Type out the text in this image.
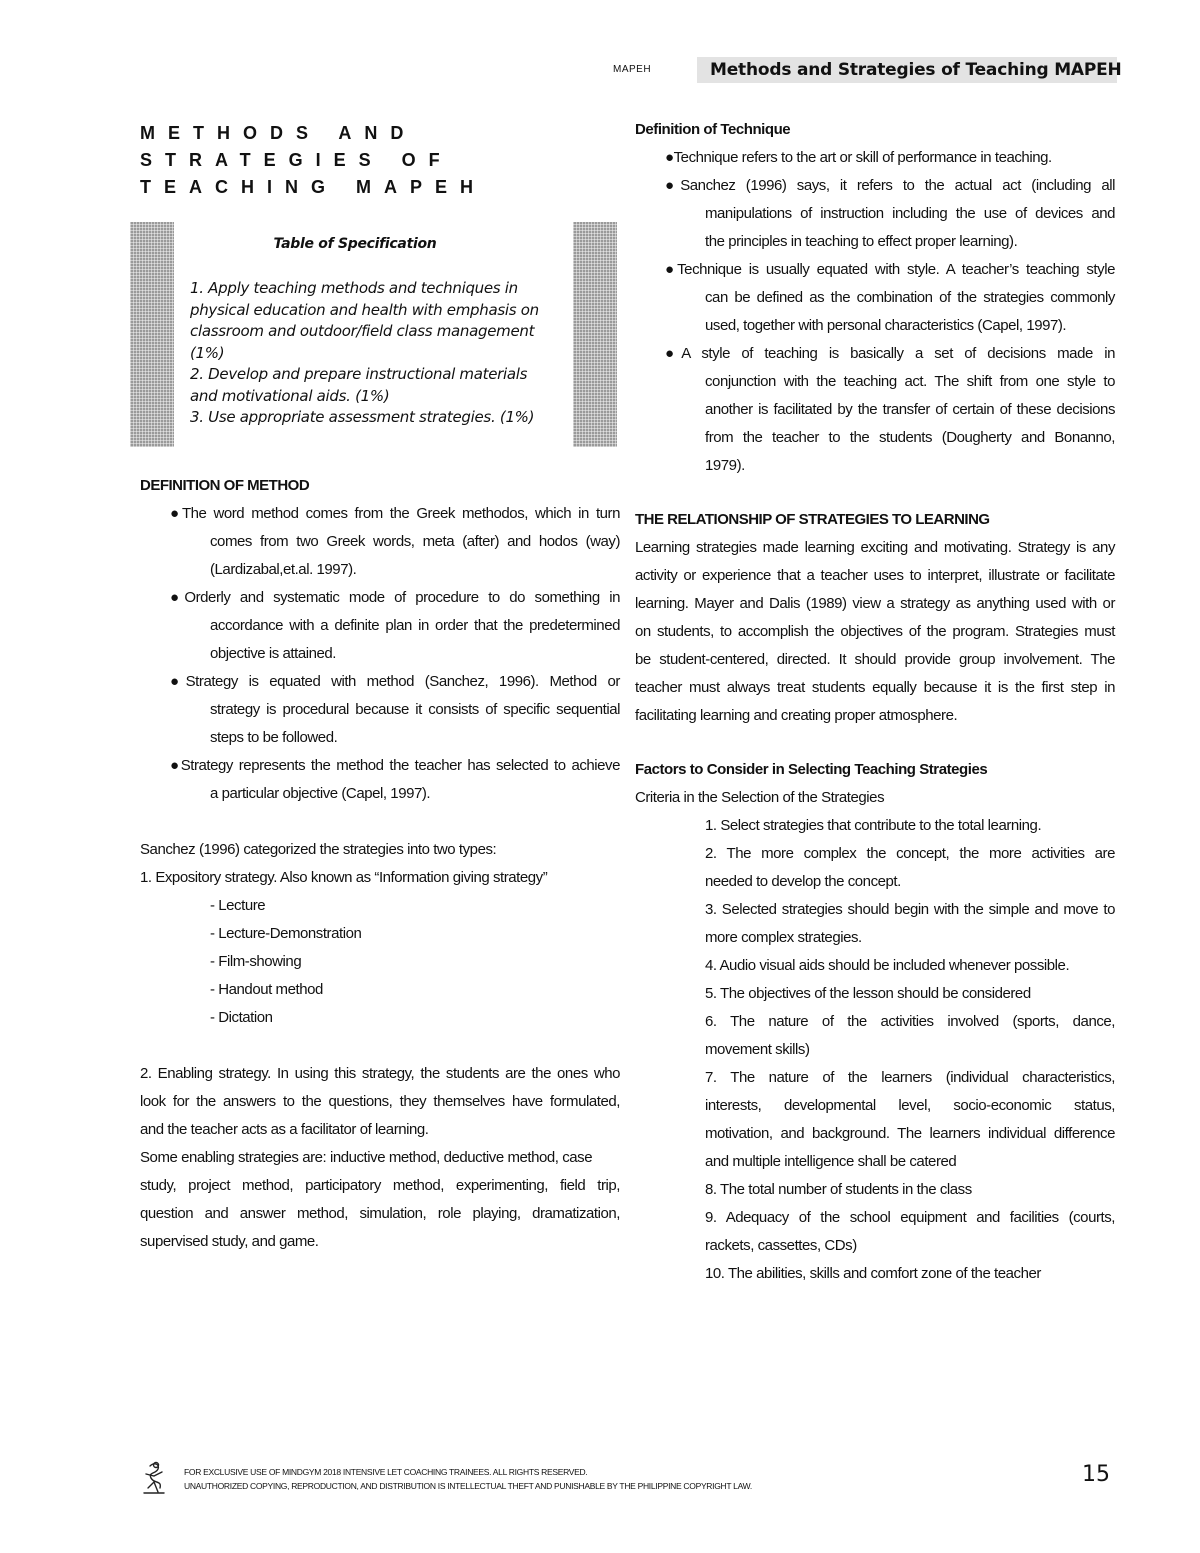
MAPEH	Methods and Strategies of Teaching MAPEH
METHODS AND
STRATEGIES OF
TEACHING MAPEH
Table of Specification
1. Apply teaching methods and techniques in
physical education and health with emphasis on
classroom and outdoor/field class management
(1%)
2. Develop and prepare instructional materials
and motivational aids. (1%)
3. Use appropriate assessment strategies. (1%)
DEFINITION OF METHOD
●The word method comes from the Greek methodos, which in turn
comes from two Greek words, meta (after) and hodos (way)
(Lardizabal,et.al. 1997).
●Orderly and systematic mode of procedure to do something in
accordance with a definite plan in order that the predetermined
objective is attained.
●Strategy is equated with method (Sanchez, 1996). Method or
strategy is procedural because it consists of specific sequential
steps to be followed.
●Strategy represents the method the teacher has selected to achieve
a particular objective (Capel, 1997).
Sanchez (1996) categorized the strategies into two types:
1. Expository strategy. Also known as “Information giving strategy”
- Lecture
- Lecture-Demonstration
- Film-showing
- Handout method
- Dictation
2. Enabling strategy. In using this strategy, the students are the ones who
look for the answers to the questions, they themselves have formulated,
and the teacher acts as a facilitator of learning.
Some enabling strategies are: inductive method, deductive method, case
study, project method, participatory method, experimenting, field trip,
question and answer method, simulation, role playing, dramatization,
supervised study, and game.
Definition of Technique
●Technique refers to the art or skill of performance in teaching.
●Sanchez (1996) says, it refers to the actual act (including all
manipulations of instruction including the use of devices and
the principles in teaching to effect proper learning).
●Technique is usually equated with style. A teacher’s teaching style
can be defined as the combination of the strategies commonly
used, together with personal characteristics (Capel, 1997).
●A style of teaching is basically a set of decisions made in
conjunction with the teaching act. The shift from one style to
another is facilitated by the transfer of certain of these decisions
from the teacher to the students (Dougherty and Bonanno,
1979).
THE RELATIONSHIP OF STRATEGIES TO LEARNING
Learning strategies made learning exciting and motivating. Strategy is any
activity or experience that a teacher uses to interpret, illustrate or facilitate
learning. Mayer and Dalis (1989) view a strategy as anything used with or
on students, to accomplish the objectives of the program. Strategies must
be student-centered, directed. It should provide group involvement. The
teacher must always treat students equally because it is the first step in
facilitating learning and creating proper atmosphere.
Factors to Consider in Selecting Teaching Strategies
Criteria in the Selection of the Strategies
1. Select strategies that contribute to the total learning.
2. The more complex the concept, the more activities are
needed to develop the concept.
3. Selected strategies should begin with the simple and move to
more complex strategies.
4. Audio visual aids should be included whenever possible.
5. The objectives of the lesson should be considered
6. The nature of the activities involved (sports, dance,
movement skills)
7. The nature of the learners (individual characteristics,
interests, developmental level, socio-economic status,
motivation, and background. The learners individual difference
and multiple intelligence shall be catered
8. The total number of students in the class
9. Adequacy of the school equipment and facilities (courts,
rackets, cassettes, CDs)
10. The abilities, skills and comfort zone of the teacher
FOR EXCLUSIVE USE OF MINDGYM 2018 INTENSIVE LET COACHING TRAINEES. ALL RIGHTS RESERVED.
UNAUTHORIZED COPYING, REPRODUCTION, AND DISTRIBUTION IS INTELLECTUAL THEFT AND PUNISHABLE BY THE PHILIPPINE COPYRIGHT LAW.	15
